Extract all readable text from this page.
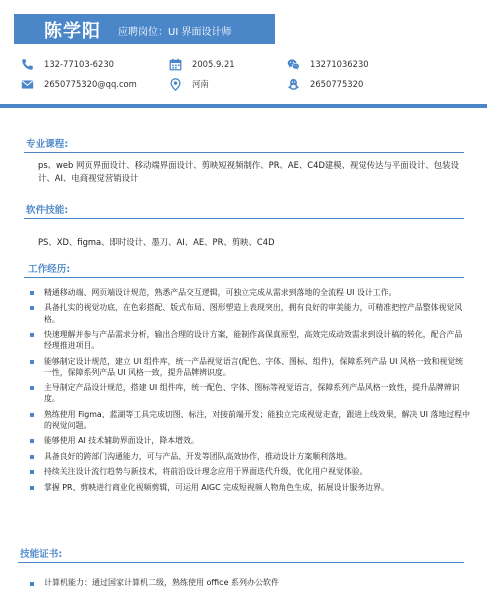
陈学阳 应聘岗位：UI 界面设计师
132-77103-6230	2005.9.21	13271036230
2650775320@qq.com	河南	2650775320
专业课程:
ps、web 网页界面设计、移动端界面设计、剪映短视频制作、PR、AE、C4D建模、视觉传达与平面设计、包装设计、AI、电商视觉营销设计
软件技能:
PS、XD、figma、即时设计、墨刀、AI、AE、PR、剪映、C4D
工作经历:
精通移动端、网页端设计规范，熟悉产品交互逻辑，可独立完成从需求到落地的全流程 UI 设计工作。
具备扎实的视觉功底，在色彩搭配、版式布局、图形塑造上表现突出，拥有良好的审美能力，可精准把控产品整体视觉风格。
快速理解并参与产品需求分析，输出合理的设计方案，能制作高保真原型，高效完成动效需求到设计稿的转化，配合产品经理推进项目。
能够制定设计规范，建立 UI 组件库，统一产品视觉语言(配色、字体、图标、组件)，保障系列产品 UI 风格一致和视觉统一性，保障系列产品 UI 风格一致，提升品牌辨识度。
主导制定产品设计规范，搭建 UI 组件库，统一配色、字体、图标等视觉语言，保障系列产品风格一致性，提升品牌辨识度。
熟练使用 Figma、蓝湖等工具完成切图、标注，对接前端开发；能独立完成视觉走查，跟进上线效果，解决 UI 落地过程中的视觉问题。
能够使用 AI 技术辅助界面设计，降本增效。
具备良好的跨部门沟通能力，可与产品、开发等团队高效协作，推动设计方案顺利落地。
持续关注设计流行趋势与新技术，将前沿设计理念应用于界面迭代升级，优化用户视觉体验。
掌握 PR、剪映进行商业化视频剪辑，可运用 AIGC 完成短视频人物角色生成，拓展设计服务边界。
技能证书:
计算机能力：通过国家计算机二级，熟练使用 office 系列办公软件
